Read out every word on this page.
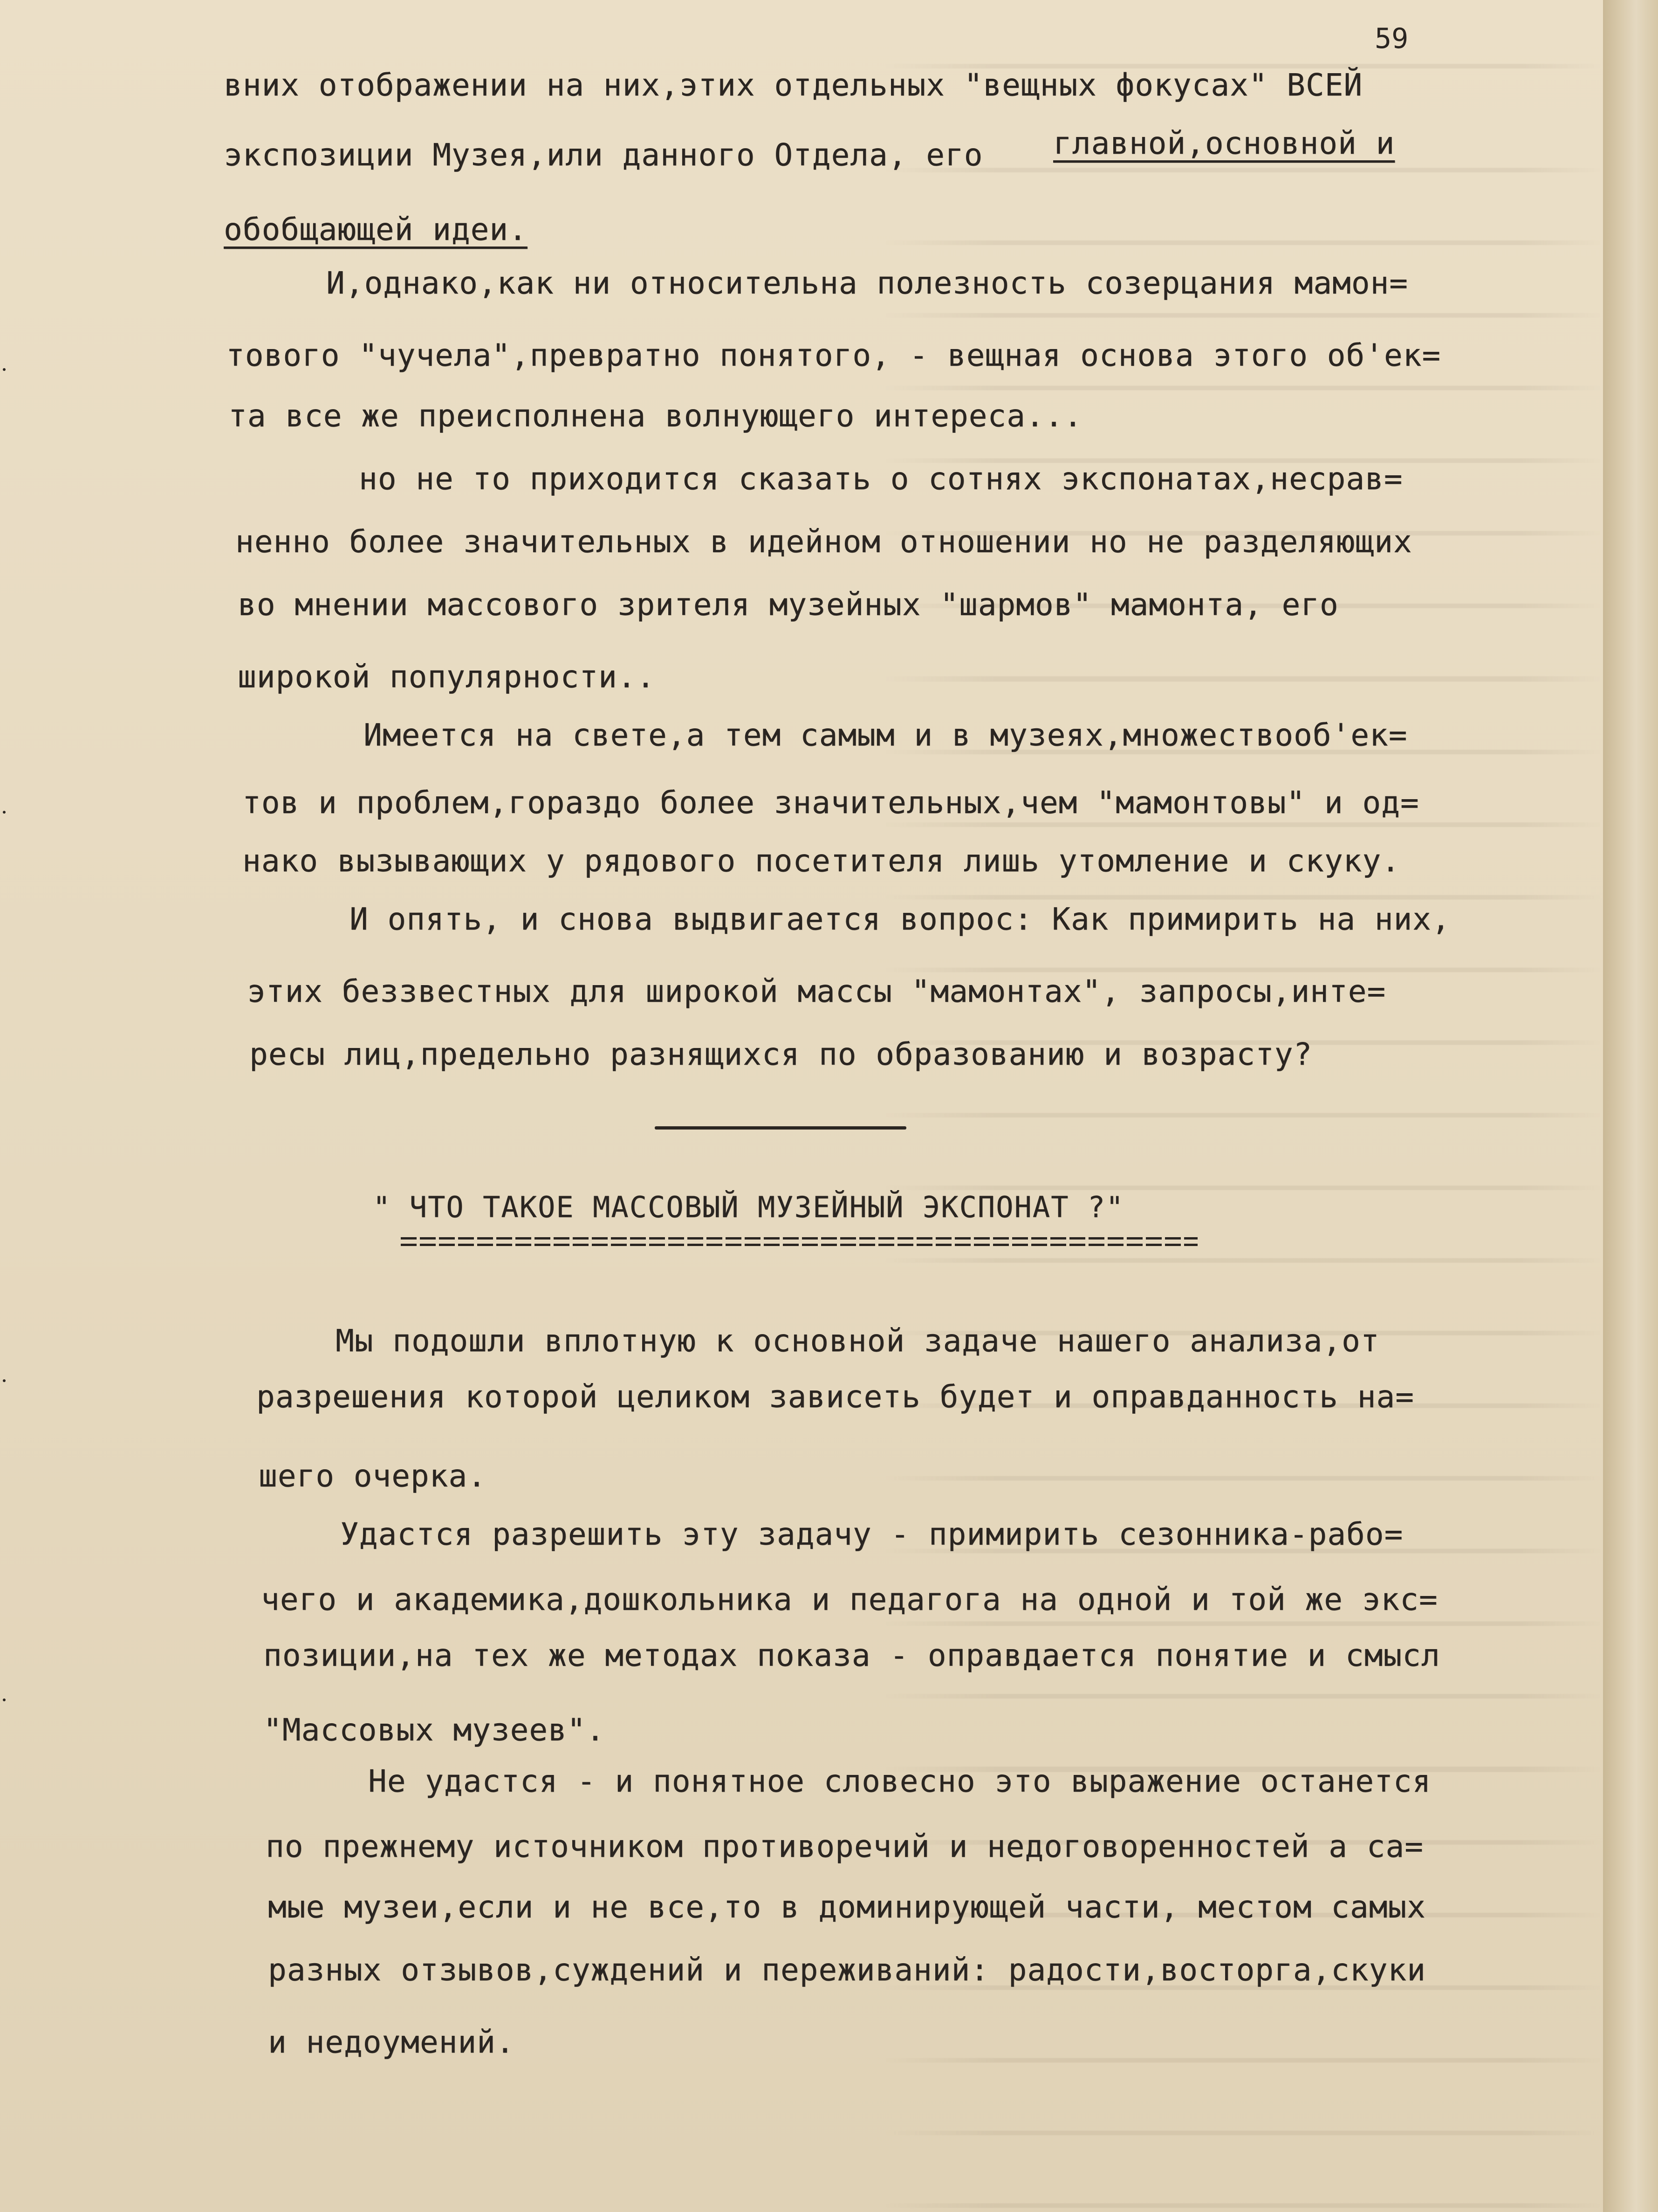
59
вних отображении на них,этих отдельных "вещных фокусах" ВСЕЙ
экспозиции Музея,или данного Отдела, его главной,основной и
обобщающей идеи.
И,однако,как ни относительна полезность созерцания мамон=
тового "чучела",превратно понятого, - вещная основа этого об'ек=
та все же преисполнена волнующего интереса...
но не то приходится сказать о сотнях экспонатах,несрав=
ненно более значительных в идейном отношении но не разделяющих
во мнении массового зрителя музейных "шармов" мамонта, его
широкой популярности..
Имеется на свете,а тем самым и в музеях,множествооб'ек=
тов и проблем,гораздо более значительных,чем "мамонтовы" и од=
нако вызывающих у рядового посетителя лишь утомление и скуку.
И опять, и снова выдвигается вопрос: Как примирить на них,
этих беззвестных для широкой массы "мамонтах", запросы,инте=
ресы лиц,предельно разнящихся по образованию и возрасту?
" ЧТО ТАКОЕ МАССОВЫЙ МУЗЕЙНЫЙ ЭКСПОНАТ ?"
Мы подошли вплотную к основной задаче нашего анализа,от
разрешения которой целиком зависеть будет и оправданность на=
шего очерка.
Удастся разрешить эту задачу - примирить сезонника-рабо=
чего и академика,дошкольника и педагога на одной и той же экс=
позиции,на тех же методах показа - оправдается понятие и смысл
"Массовых музеев".
Не удастся - и понятное словесно это выражение останется
по прежнему источником противоречий и недоговоренностей а са=
мые музеи,если и не все,то в доминирующей части, местом самых
разных отзывов,суждений и переживаний: радости,восторга,скуки
и недоумений.
